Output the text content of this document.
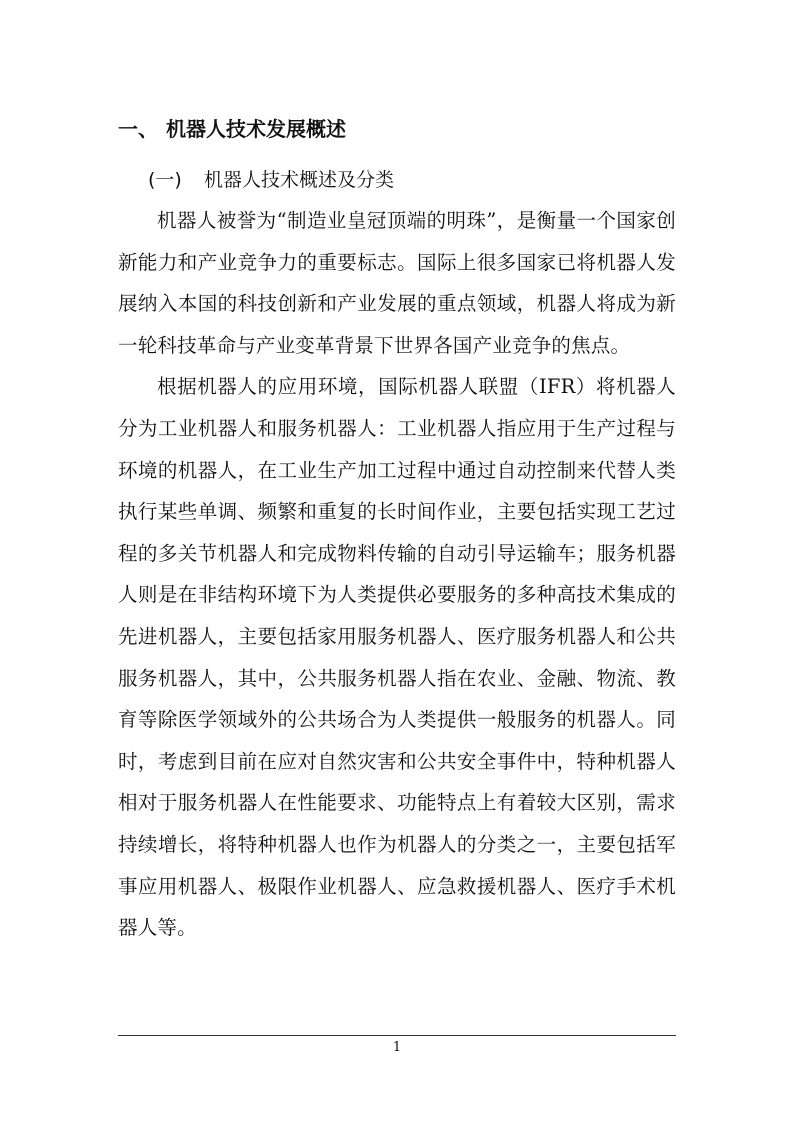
一、 机器人技术发展概述
(一) 机器人技术概述及分类

机器人被誉为“制造业皇冠顶端的明珠”，是衡量一个国家创新能力和产业竞争力的重要标志。国际上很多国家已将机器人发展纳入本国的科技创新和产业发展的重点领域，机器人将成为新一轮科技革命与产业变革背景下世界各国产业竞争的焦点。

根据机器人的应用环境，国际机器人联盟（IFR）将机器人分为工业机器人和服务机器人：工业机器人指应用于生产过程与环境的机器人，在工业生产加工过程中通过自动控制来代替人类执行某些单调、频繁和重复的长时间作业，主要包括实现工艺过程的多关节机器人和完成物料传输的自动引导运输车；服务机器人则是在非结构环境下为人类提供必要服务的多种高技术集成的先进机器人，主要包括家用服务机器人、医疗服务机器人和公共服务机器人，其中，公共服务机器人指在农业、金融、物流、教育等除医学领域外的公共场合为人类提供一般服务的机器人。同时，考虑到目前在应对自然灾害和公共安全事件中，特种机器人相对于服务机器人在性能要求、功能特点上有着较大区别，需求持续增长，将特种机器人也作为机器人的分类之一，主要包括军事应用机器人、极限作业机器人、应急救援机器人、医疗手术机器人等。

1
